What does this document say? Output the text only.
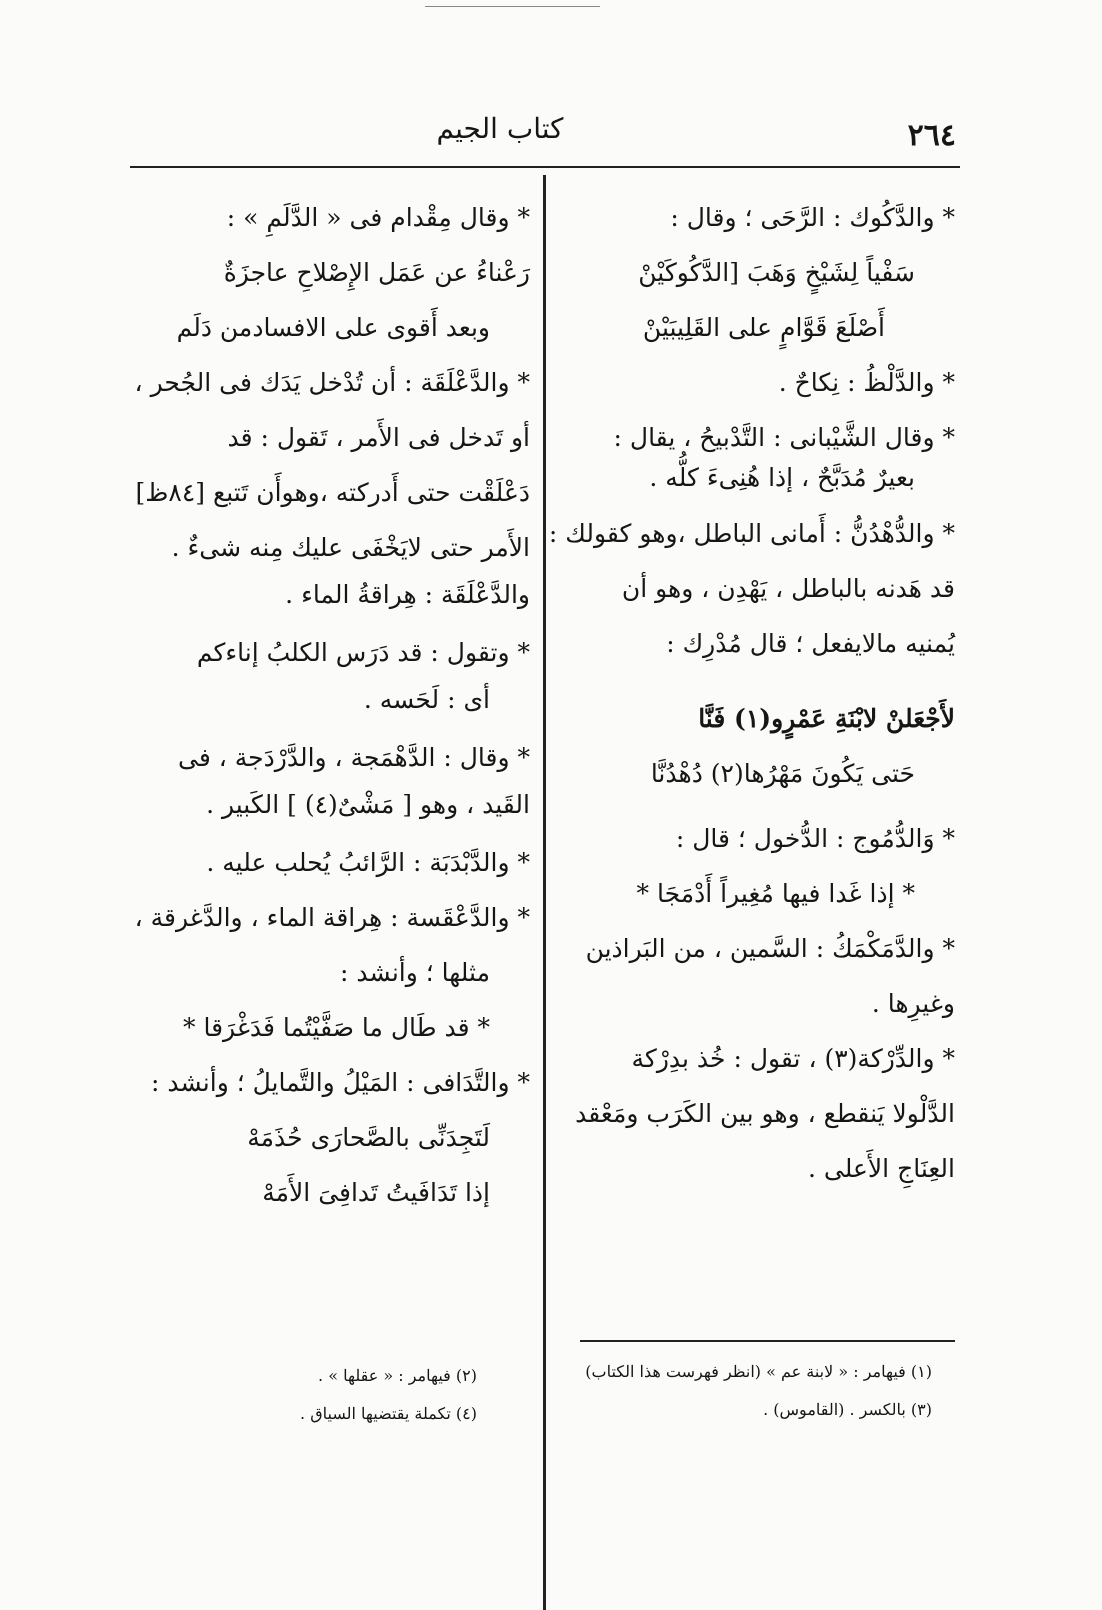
٢٦٤
كتاب الجيم
* والدَّكُوك : الرَّحَى ؛ وقال :
سَفْياً لِشَيْخٍ وَهَبَ [الدَّكُوكَيْنْ
أَصْلَعَ قَوَّامٍ على القَلِيبَيْنْ
* والدَّلْظُ : نِكاحٌ .
* وقال الشَّيْبانى : التَّدْبيحُ ، يقال :
بعيرٌ مُدَبَّحٌ ، إذا هُنِىءَ كلُّه .
* والدُّهْدُنُّ : أَمانى الباطل ،وهو كقولك :
قد هَدنه بالباطل ، يَهْدِن ، وهو أن
يُمنيه مالايفعل ؛ قال مُدْرِك :
لأَجْعَلنْ لابْنَةِ عَمْرٍو(١) فَنَّا
حَتى يَكُونَ مَهْرُها(٢) دُهْدُنَّا
* وَالدُّمُوج : الدُّخول ؛ قال :
* إذا غَدا فيها مُغِيراً أَدْمَجَا *
* والدَّمَكْمَكُ : السَّمين ، من البَراذين
وغيرِها .
* والدِّرْكة(٣) ، تقول : خُذ بدِرْكة
الدَّلْولا يَنقطع ، وهو بين الكَرَب ومَعْقد
العِنَاجِ الأَعلى .
* وقال مِقْدام فى « الدَّلَمِ » :
رَعْناءُ عن عَمَل الإِصْلاحِ عاجزَةٌ
وبعد أَقوى على الافسادمن دَلَم
* والدَّعْلَقَة : أن تُدْخل يَدَك فى الجُحر ،
أو تَدخل فى الأَمر ، تَقول : قد
دَعْلَقْت حتى أَدركته ،وهوأَن تَتبع [٨٤ظ]
الأَمر حتى لايَخْفَى عليك مِنه شىءٌ .
والدَّعْلَقَة : هِراقةُ الماء .
* وتقول : قد دَرَس الكلبُ إناءكم
أى : لَحَسه .
* وقال : الدَّهْمَجة ، والدَّرْدَجة ، فى
القَيد ، وهو [ مَشْىٌ(٤) ] الكَبير .
* والدَّبْدَبَة : الرَّائبُ يُحلب عليه .
* والدَّعْقَسة : هِراقة الماء ، والدَّغرقة ،
مثلها ؛ وأنشد :
* قد طَال ما صَفَّيْتُما فَدَغْرَقا *
* والتَّدَافى : المَيْلُ والتَّمايلُ ؛ وأنشد :
لَتَجِدَنِّى بالصَّحارَى حُذَمَهْ
إذا تَدَافَيتُ تَدافِىَ الأَمَهْ
(١) فيهامر : « لابنة عم » (انظر فهرست هذا الكتاب)
(٢) فيهامر : « عقلها » .
(٣) بالكسر . (القاموس) .
(٤) تكملة يقتضيها السياق .
